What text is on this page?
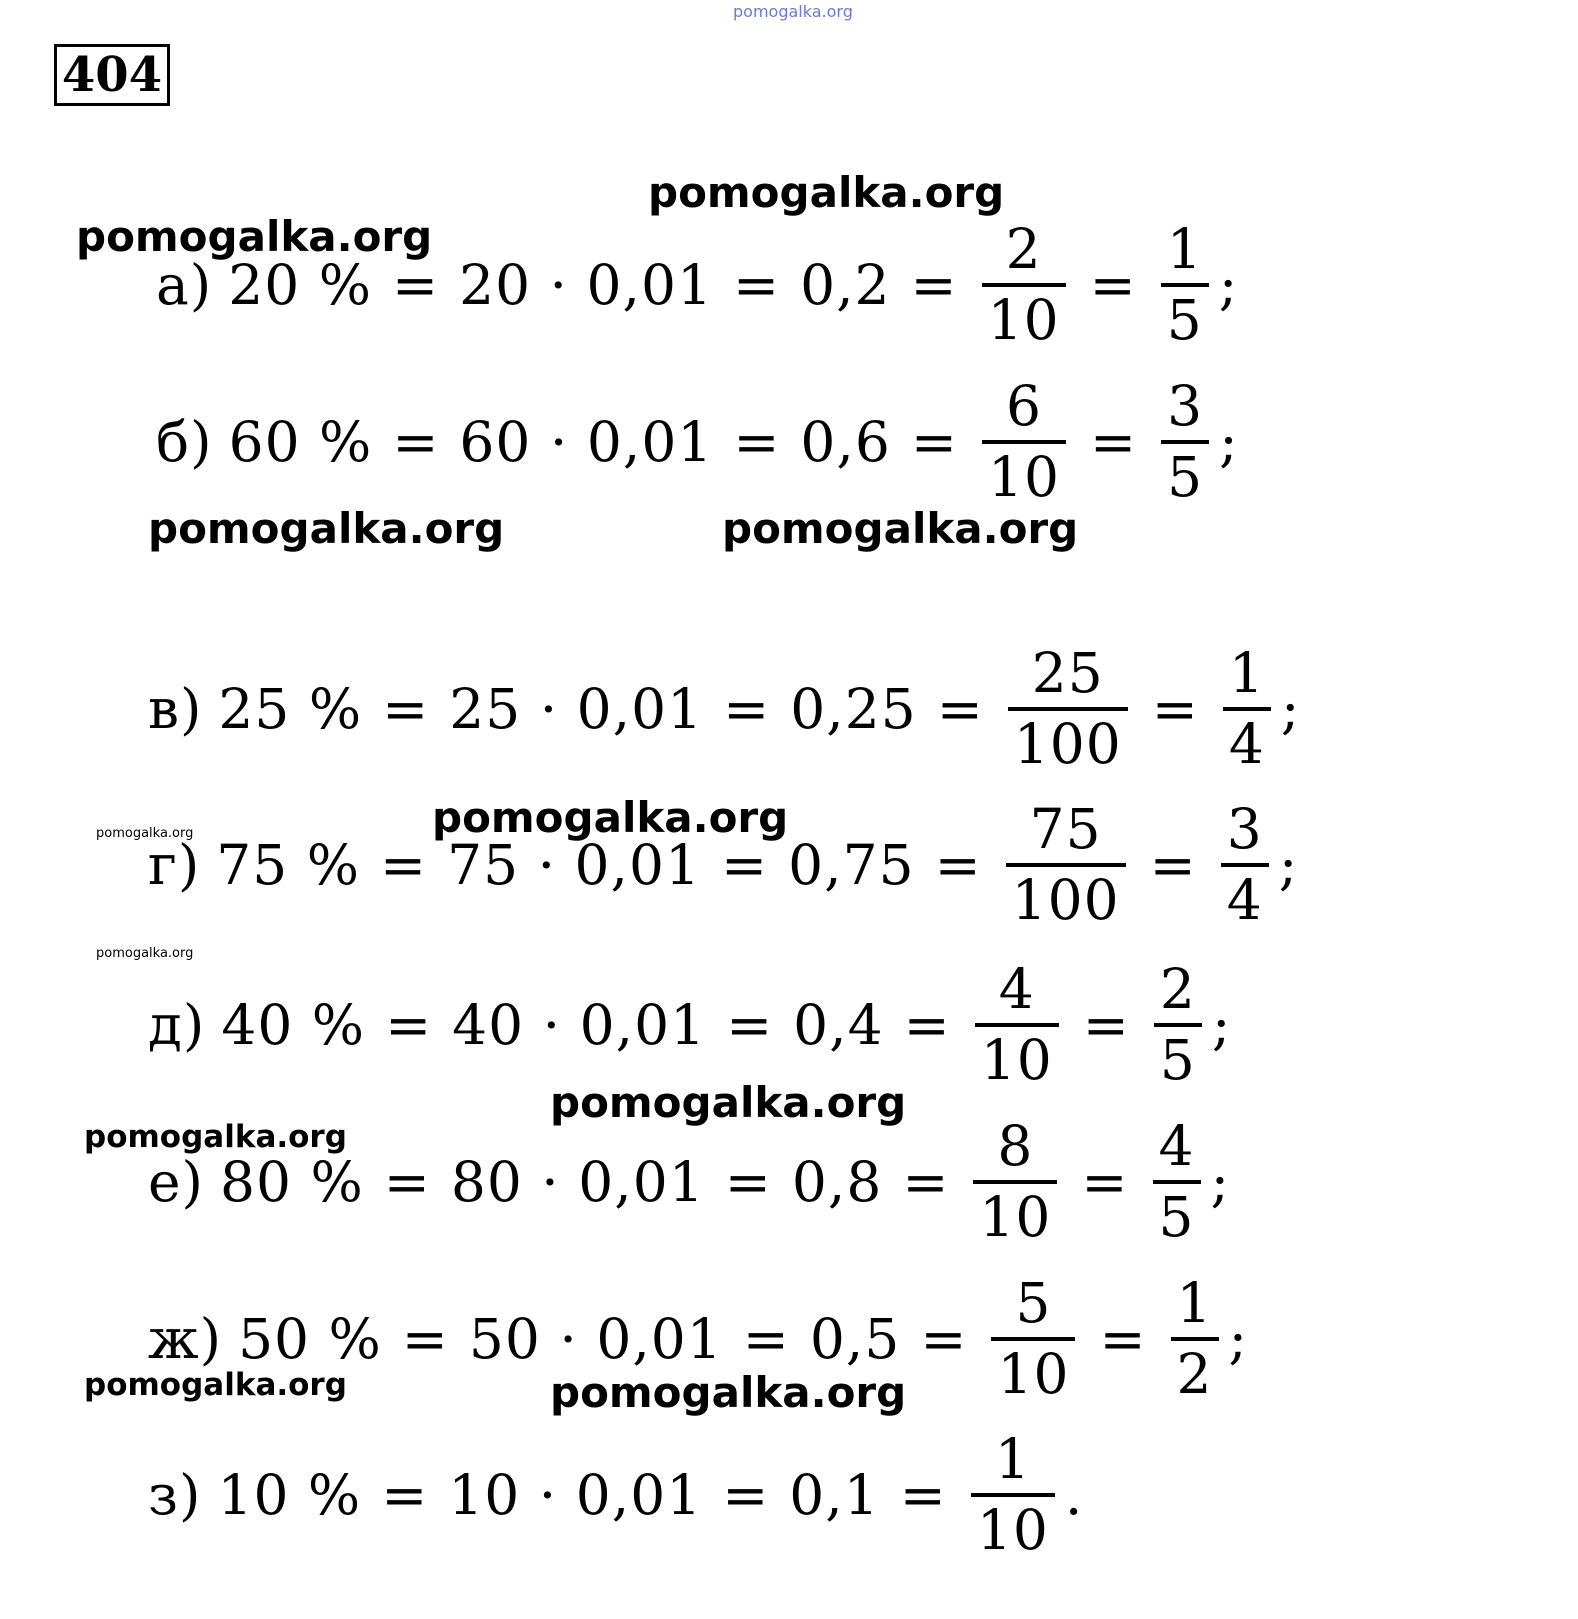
pomogalka.org
404
pomogalka.org
pomogalka.org
pomogalka.org	pomogalka.org
pomogalka.org
pomogalka.org
pomogalka.org
pomogalka.org
pomogalka.org
pomogalka.org	pomogalka.org
а) 20 % = $20 \cdot 0,01 = 0,2 = \frac{2}{10} = \frac{1}{5}$ ;
б) 60 % = $60 \cdot 0,01 = 0,6 = \frac{6}{10} = \frac{3}{5}$ ;
в) 25 % = $25 \cdot 0,01 = 0,25 = \frac{25}{100} = \frac{1}{4}$ ;
г) 75 % = $75 \cdot 0,01 = 0,75 = \frac{75}{100} = \frac{3}{4}$ ;
д) 40 % = $40 \cdot 0,01 = 0,4 = \frac{4}{10} = \frac{2}{5}$ ;
е) 80 % = $80 \cdot 0,01 = 0,8 = \frac{8}{10} = \frac{4}{5}$ ;
ж) 50 % = $50 \cdot 0,01 = 0,5 = \frac{5}{10} = \frac{1}{2}$ ;
з) 10 % = $10 \cdot 0,01 = 0,1 = \frac{1}{10}$ .
